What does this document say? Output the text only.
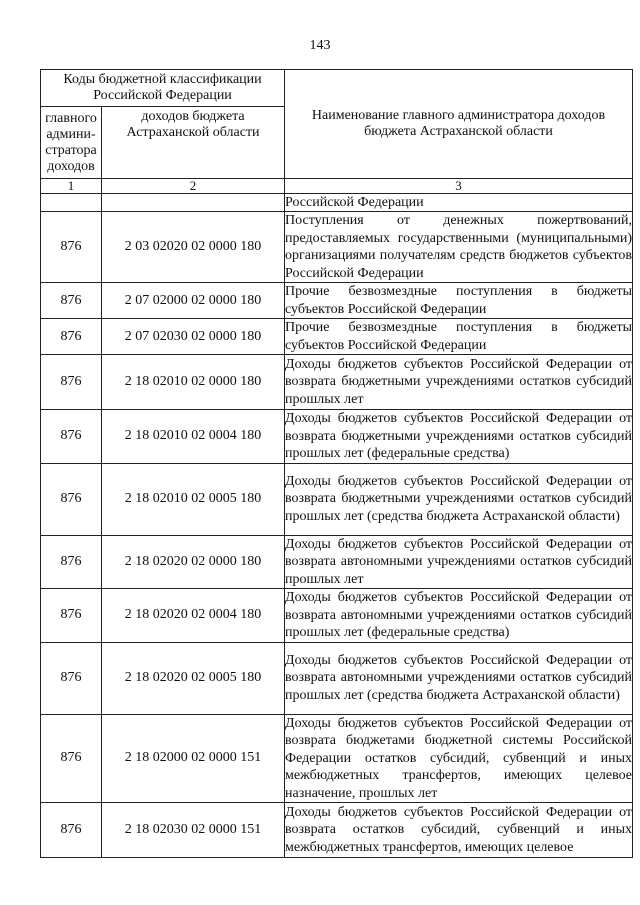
143
Коды бюджетной классификации Российской Федерации		Наименование главного администратора доходов бюджета Астраханской области
главного админи-стратора доходов	доходов бюджета Астраханской области	
1	2	3
		Российской Федерации
876	2 03 02020 02 0000 180	Поступления от денежных пожертвований, предоставляемых государственными (муниципальными) организациями получателям средств бюджетов субъектов Российской Федерации
876	2 07 02000 02 0000 180	Прочие безвозмездные поступления в бюджеты субъектов Российской Федерации
876	2 07 02030 02 0000 180	Прочие безвозмездные поступления в бюджеты субъектов Российской Федерации
876	2 18 02010 02 0000 180	Доходы бюджетов субъектов Российской Федерации от возврата бюджетными учреждениями остатков субсидий прошлых лет
876	2 18 02010 02 0004 180	Доходы бюджетов субъектов Российской Федерации от возврата бюджетными учреждениями остатков субсидий прошлых лет (федеральные средства)
876	2 18 02010 02 0005 180	Доходы бюджетов субъектов Российской Федерации от возврата бюджетными учреждениями остатков субсидий прошлых лет (средства бюджета Астраханской области)
876	2 18 02020 02 0000 180	Доходы бюджетов субъектов Российской Федерации от возврата автономными учреждениями остатков субсидий прошлых лет
876	2 18 02020 02 0004 180	Доходы бюджетов субъектов Российской Федерации от возврата автономными учреждениями остатков субсидий прошлых лет (федеральные средства)
876	2 18 02020 02 0005 180	Доходы бюджетов субъектов Российской Федерации от возврата автономными учреждениями остатков субсидий прошлых лет (средства бюджета Астраханской области)
876	2 18 02000 02 0000 151	Доходы бюджетов субъектов Российской Федерации от возврата бюджетами бюджетной системы Российской Федерации остатков субсидий, субвенций и иных межбюджетных трансфертов, имеющих целевое назначение, прошлых лет
876	2 18 02030 02 0000 151	Доходы бюджетов субъектов Российской Федерации от возврата остатков субсидий, субвенций и иных межбюджетных трансфертов, имеющих целевое
